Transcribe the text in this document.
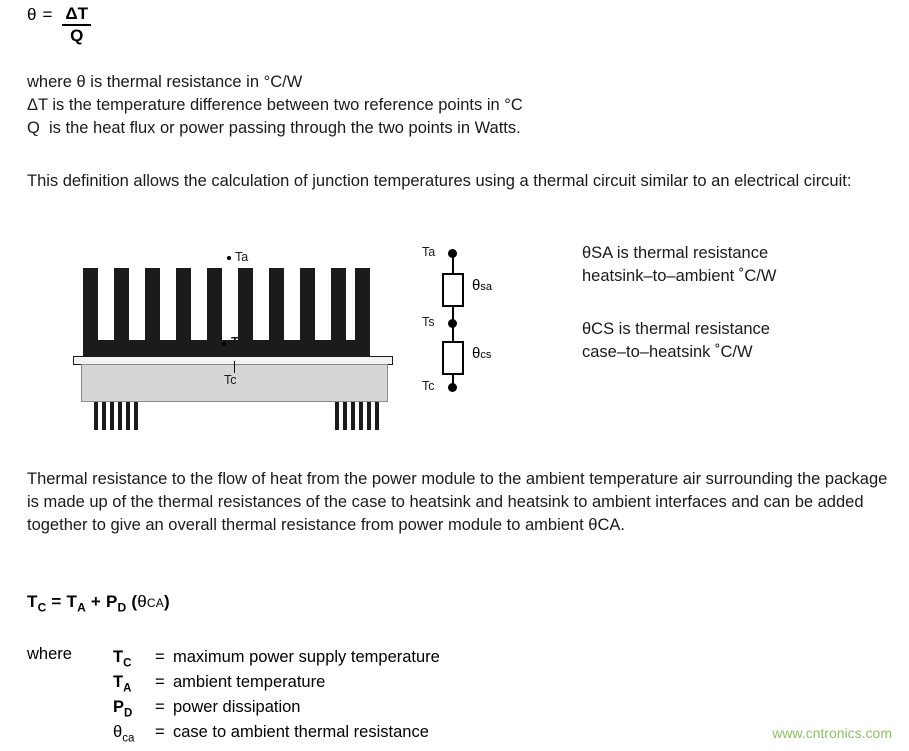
$\theta = \frac{\Delta T}{Q}$
where θ is thermal resistance in °C/W
ΔT is the temperature difference between two reference points in °C
Q  is the heat flux or power passing through the two points in Watts.
This definition allows the calculation of junction temperatures using a thermal circuit similar to an electrical circuit:
Ta
Ts
Tc
Ta
θsa
Ts
θcs
Tc
θSA is thermal resistance
heatsink–to–ambient ˚C/W
θCS is thermal resistance
case–to–heatsink ˚C/W
Thermal resistance to the flow of heat from the power module to the ambient temperature air surrounding the package is made up of the thermal resistances of the case to heatsink and heatsink to ambient interfaces and can be added together to give an overall thermal resistance from power module to ambient θCA.
$T_C = T_A + P_D$ (θCA)
where $T_C$	= maximum power supply temperature
$T_A$	= ambient temperature
$P_D$	= power dissipation
$\theta_{ca}$	= case to ambient thermal resistance	www.cntronics.com
